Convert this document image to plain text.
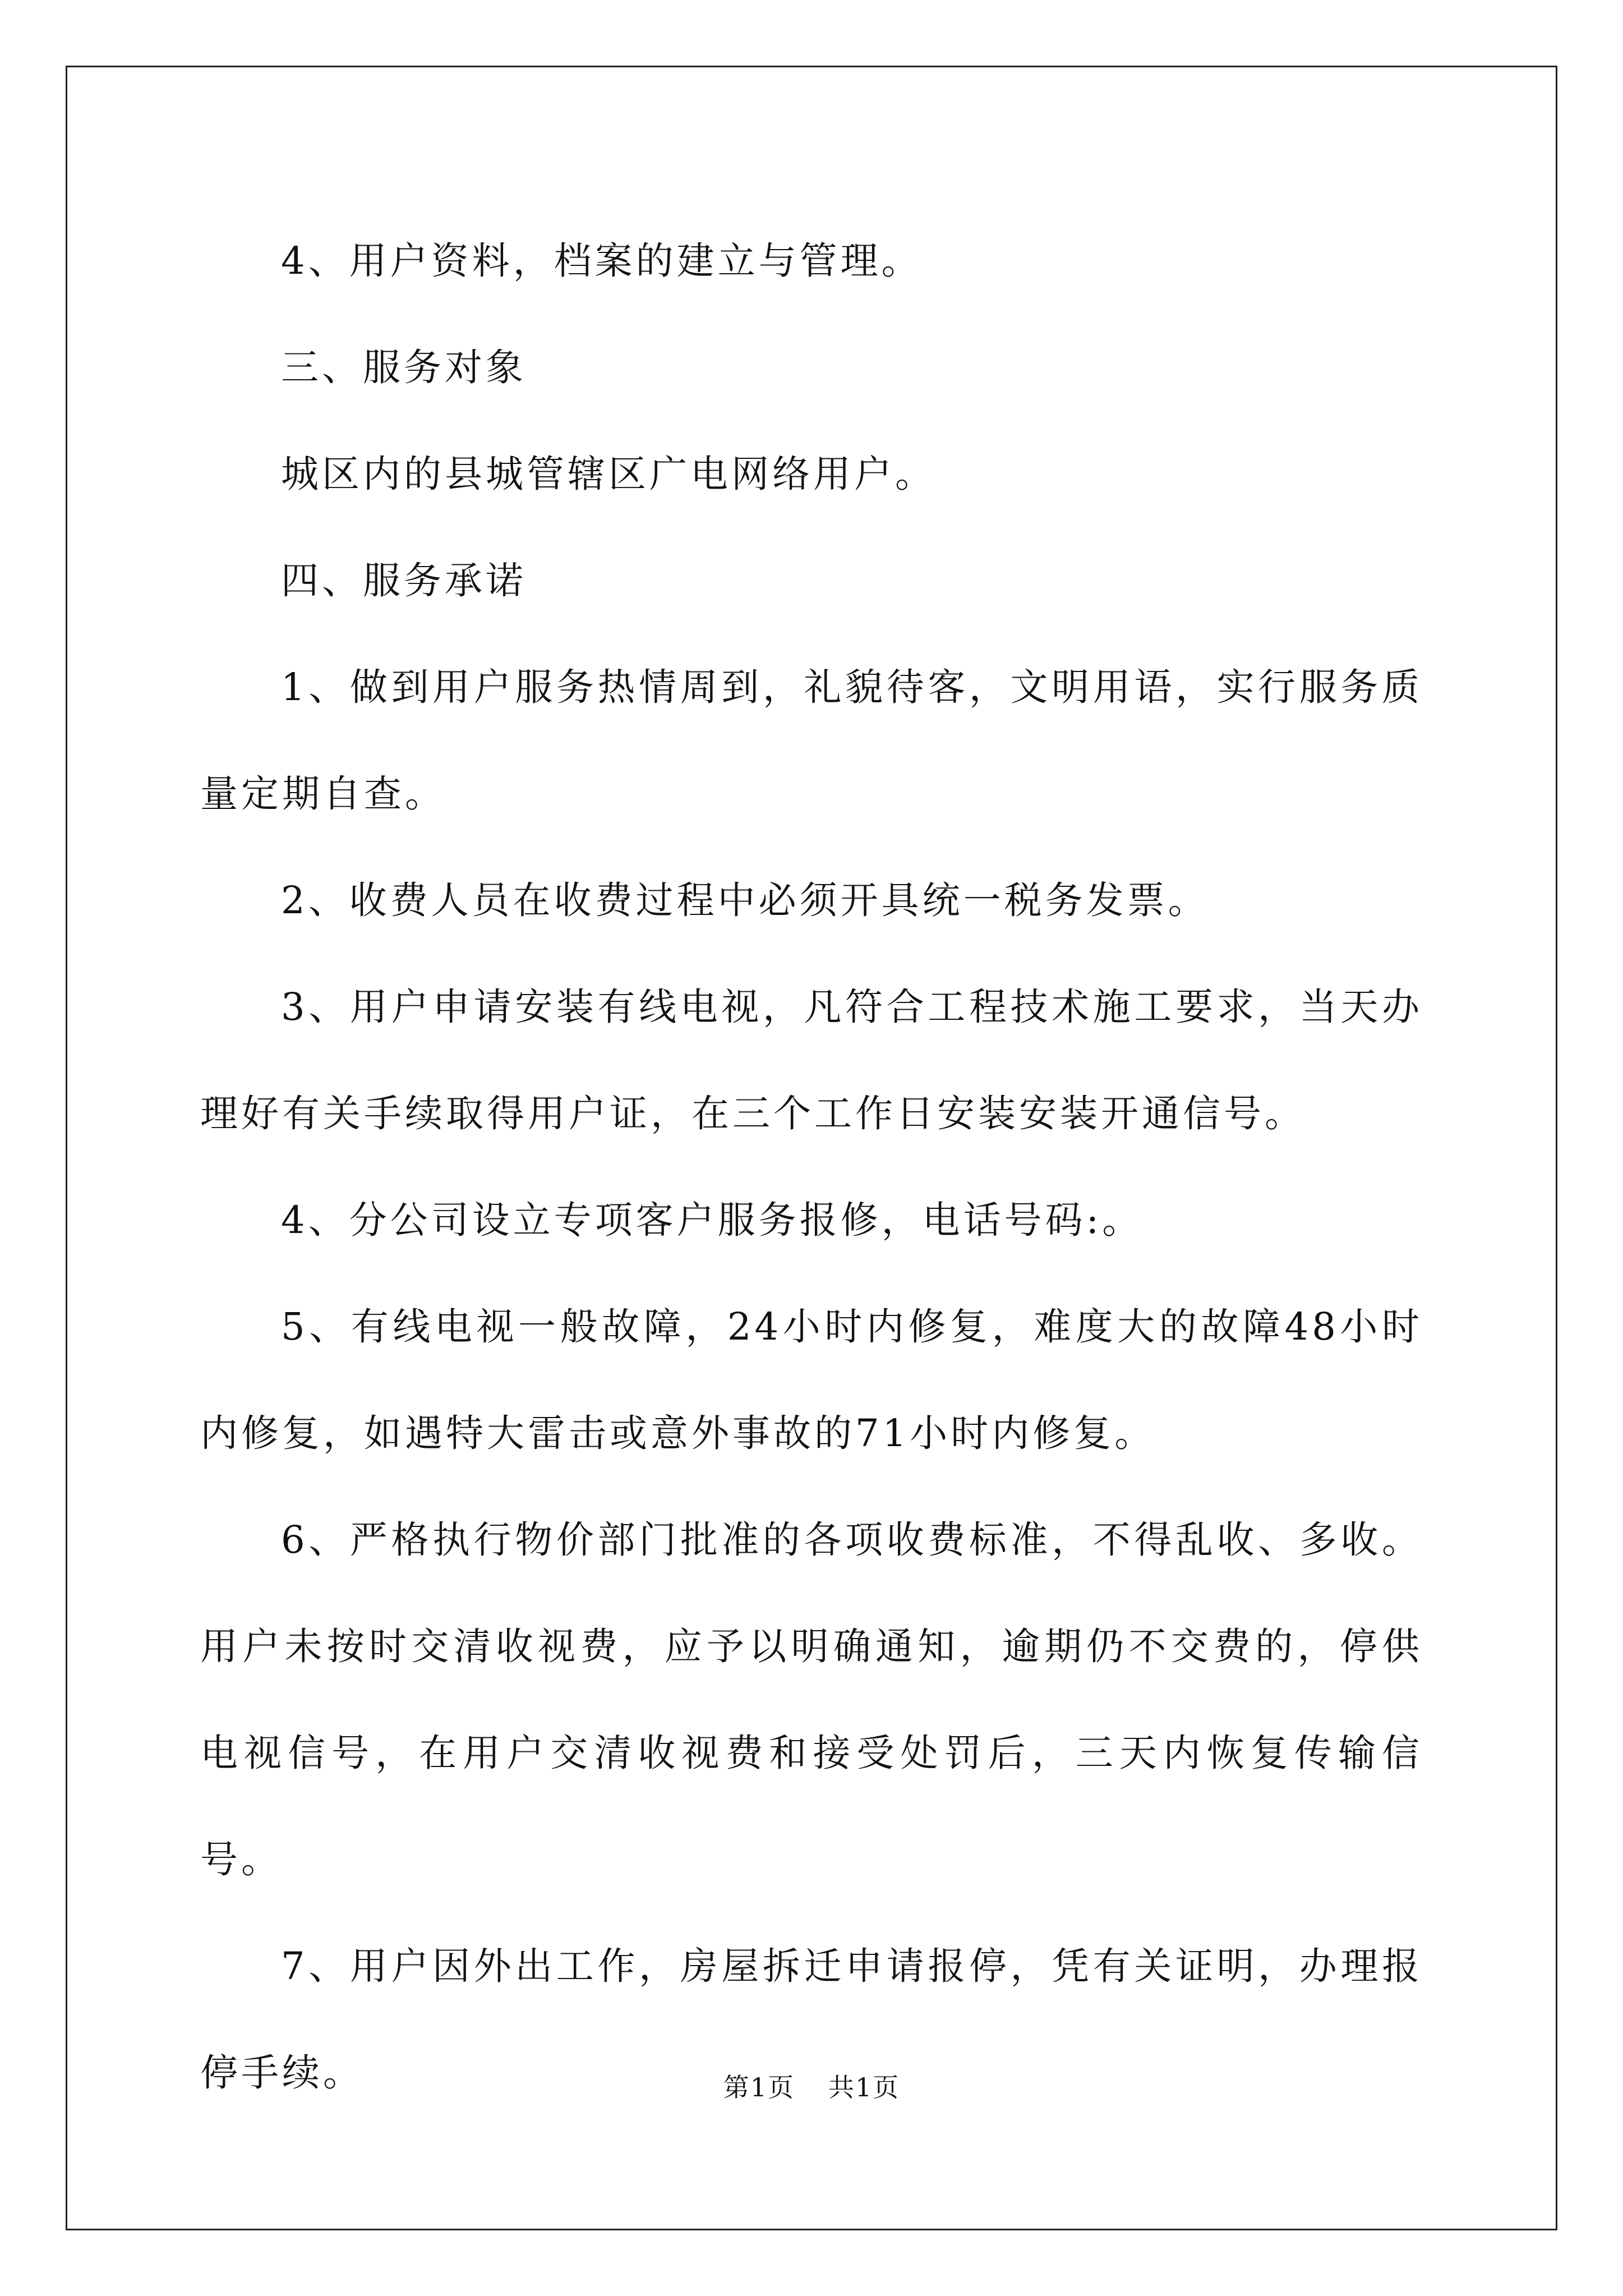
4、用户资料，档案的建立与管理。

三、服务对象

城区内的县城管辖区广电网络用户。

四、服务承诺

1、做到用户服务热情周到，礼貌待客，文明用语，实行服务质量定期自查。

2、收费人员在收费过程中必须开具统一税务发票。

3、用户申请安装有线电视，凡符合工程技术施工要求，当天办理好有关手续取得用户证，在三个工作日安装安装开通信号。

4、分公司设立专项客户服务报修，电话号码:。

5、有线电视一般故障，24小时内修复，难度大的故障48小时内修复，如遇特大雷击或意外事故的71小时内修复。

6、严格执行物价部门批准的各项收费标准，不得乱收、多收。用户未按时交清收视费，应予以明确通知，逾期仍不交费的，停供电视信号，在用户交清收视费和接受处罚后，三天内恢复传输信号。

7、用户因外出工作，房屋拆迁申请报停，凭有关证明，办理报停手续。	第1页 共1页
